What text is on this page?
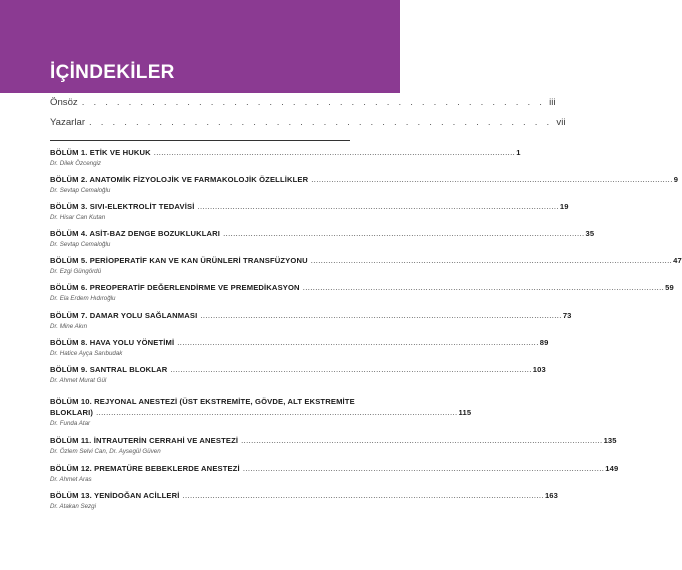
İÇİNDEKİLER
Önsöz . . . . . . . . . . . . . . . . . . . . . . . . . . . . . . . . . . . . . . . . iii
Yazarlar . . . . . . . . . . . . . . . . . . . . . . . . . . . . . . . . . . . . . . . . vii
BÖLÜM 1. ETİK VE HUKUK ................................................................................................................................................ 1
Dr. Dilek Özcengiz
BÖLÜM 2. ANATOMİK FİZYOLOJİK VE FARMAKOLOJİK ÖZELLİKLER ................................................................................................................................................ 9
Dr. Sevtap Cemaloğlu
BÖLÜM 3. SIVI-ELEKTROLİT TEDAVİSİ ................................................................................................................................................ 19
Dr. Hisar Can Kutan
BÖLÜM 4. ASİT-BAZ DENGE BOZUKLUKLARI ................................................................................................................................................ 35
Dr. Sevtap Cemaloğlu
BÖLÜM 5. PERİOPERATİF KAN VE KAN ÜRÜNLERİ TRANSFÜZYONU ................................................................................................................................................ 47
Dr. Ezgi Güngördü
BÖLÜM 6. PREOPERATİF DEĞERLENDİRME VE PREMEDİKASYON ................................................................................................................................................ 59
Dr. Ela Erdem Hıdıroğlu
BÖLÜM 7. DAMAR YOLU SAĞLANMASI ................................................................................................................................................ 73
Dr. Mine Akın
BÖLÜM 8. HAVA YOLU YÖNETİMİ ................................................................................................................................................ 89
Dr. Hatice Ayça Sarıbudak
BÖLÜM 9. SANTRAL BLOKLAR ................................................................................................................................................ 103
Dr. Ahmet Murat Gül
BÖLÜM 10. REJYONAL ANESTEZİ (ÜST EKSTREMİTE, GÖVDE, ALT EKSTREMİTE
BLOKLARI) ................................................................................................................................................ 115
Dr. Funda Atar
BÖLÜM 11. İNTRAUTERİN CERRAHİ VE ANESTEZİ ................................................................................................................................................ 135
Dr. Özlem Selvi Can, Dr. Aysegül Güven
BÖLÜM 12. PREMATÜRE BEBEKLERDE ANESTEZİ ................................................................................................................................................ 149
Dr. Ahmet Aras
BÖLÜM 13. YENİDOĞAN ACİLLERİ ................................................................................................................................................ 163
Dr. Atakan Sezgi
